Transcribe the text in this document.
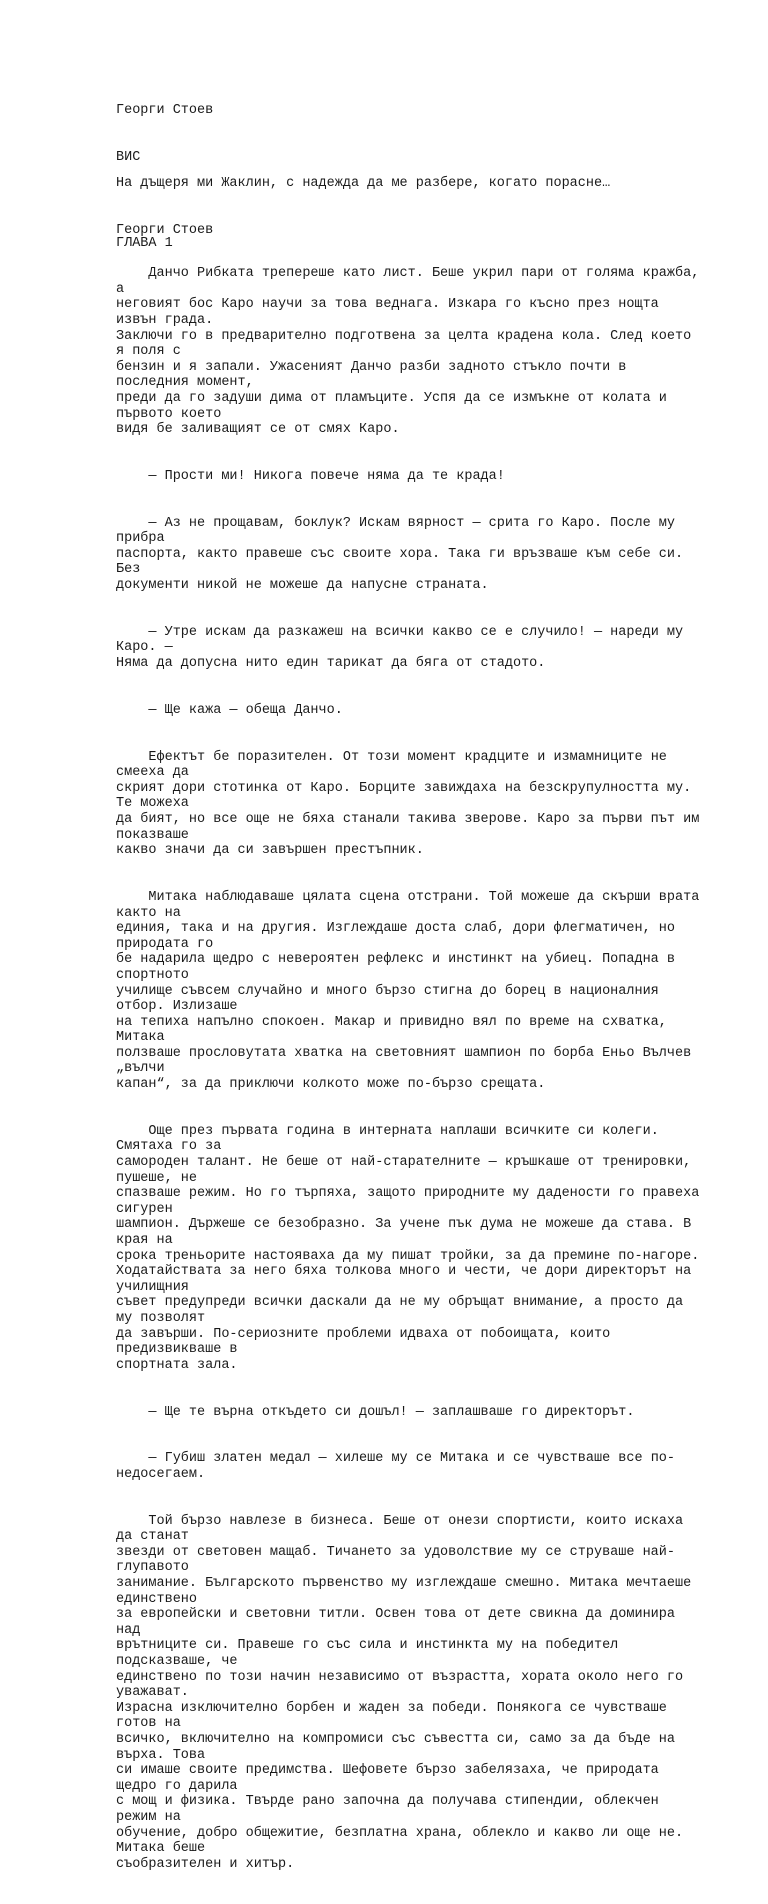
Георги Стоев

ВИС

На дъщеря ми Жаклин, с надежда да ме разбере, когато порасне…

Георги Стоев

ГЛАВА 1

Данчо Рибката трепереше като лист. Беше укрил пари от голяма кражба, а
неговият бос Каро научи за това веднага. Изкара го късно през нощта извън града.
Заключи го в предварително подготвена за целта крадена кола. След което я поля с
бензин и я запали. Ужасеният Данчо разби задното стъкло почти в последния момент,
преди да го задуши дима от пламъците. Успя да се измъкне от колата и първото което
видя бе заливащият се от смях Каро.

— Прости ми! Никога повече няма да те крада!

— Аз не прощавам, боклук? Искам вярност — срита го Каро. После му прибра
паспорта, както правеше със своите хора. Така ги връзваше към себе си. Без
документи никой не можеше да напусне страната.

— Утре искам да разкажеш на всички какво се е случило! — нареди му Каро. —
Няма да допусна нито един тарикат да бяга от стадото.

— Ще кажа — обеща Данчо.

Ефектът бе поразителен. От този момент крадците и измамниците не смееха да
скрият дори стотинка от Каро. Борците завиждаха на безскрупулността му. Те можеха
да бият, но все още не бяха станали такива зверове. Каро за първи път им показваше
какво значи да си завършен престъпник.

Митака наблюдаваше цялата сцена отстрани. Той можеше да скърши врата както на
единия, така и на другия. Изглеждаше доста слаб, дори флегматичен, но природата го
бе надарила щедро с невероятен рефлекс и инстинкт на убиец. Попадна в спортното
училище съвсем случайно и много бързо стигна до борец в националния отбор. Излизаше
на тепиха напълно спокоен. Макар и привидно вял по време на схватка, Митака
ползваше прословутата хватка на световният шампион по борба Еньо Вълчев „вълчи
капан“, за да приключи колкото може по-бързо срещата.

Още през първата година в интерната наплаши всичките си колеги. Смятаха го за
самороден талант. Не беше от най-старателните — кръшкаше от тренировки, пушеше, не
спазваше режим. Но го търпяха, защото природните му дадености го правеха сигурен
шампион. Държеше се безобразно. За учене пък дума не можеше да става. В края на
срока треньорите настояваха да му пишат тройки, за да премине по-нагоре.
Ходатайствата за него бяха толкова много и чести, че дори директорът на училищния
съвет предупреди всички даскали да не му обръщат внимание, а просто да му позволят
да завърши. По-сериозните проблеми идваха от побоищата, които предизвикваше в
спортната зала.

— Ще те върна откъдето си дошъл! — заплашваше го директорът.

— Губиш златен медал — хилеше му се Митака и се чувстваше все по-недосегаем.

Той бързо навлезе в бизнеса. Беше от онези спортисти, които искаха да станат
звезди от световен мащаб. Тичането за удоволствие му се струваше най-глупавото
занимание. Българското първенство му изглеждаше смешно. Митака мечтаеше единствено
за европейски и световни титли. Освен това от дете свикна да доминира над
врътниците си. Правеше го със сила и инстинкта му на победител подсказваше, че
единствено по този начин независимо от възрастта, хората около него го уважават.
Израсна изключително борбен и жаден за победи. Понякога се чувстваше готов на
всичко, включително на компромиси със съвестта си, само за да бъде на върха. Това
си имаше своите предимства. Шефовете бързо забелязаха, че природата щедро го дарила
с мощ и физика. Твърде рано започна да получава стипендии, облекчен режим на
обучение, добро общежитие, безплатна храна, облекло и какво ли още не. Митака беше
съобразителен и хитър.
